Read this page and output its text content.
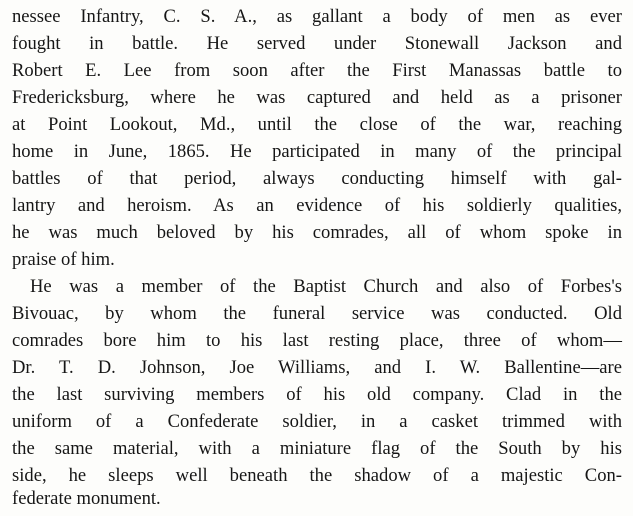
nessee Infantry, C. S. A., as gallant a body of men as ever

fought in battle. He served under Stonewall Jackson and

Robert E. Lee from soon after the First Manassas battle to

Fredericksburg, where he was captured and held as a prisoner

at Point Lookout, Md., until the close of the war, reaching

home in June, 1865. He participated in many of the principal

battles of that period, always conducting himself with gal-

lantry and heroism. As an evidence of his soldierly qualities,

he was much beloved by his comrades, all of whom spoke in

praise of him.

He was a member of the Baptist Church and also of Forbes's

Bivouac, by whom the funeral service was conducted. Old

comrades bore him to his last resting place, three of whom—

Dr. T. D. Johnson, Joe Williams, and I. W. Ballentine—are

the last surviving members of his old company. Clad in the

uniform of a Confederate soldier, in a casket trimmed with

the same material, with a miniature flag of the South by his

side, he sleeps well beneath the shadow of a majestic Con-

federate monument.
